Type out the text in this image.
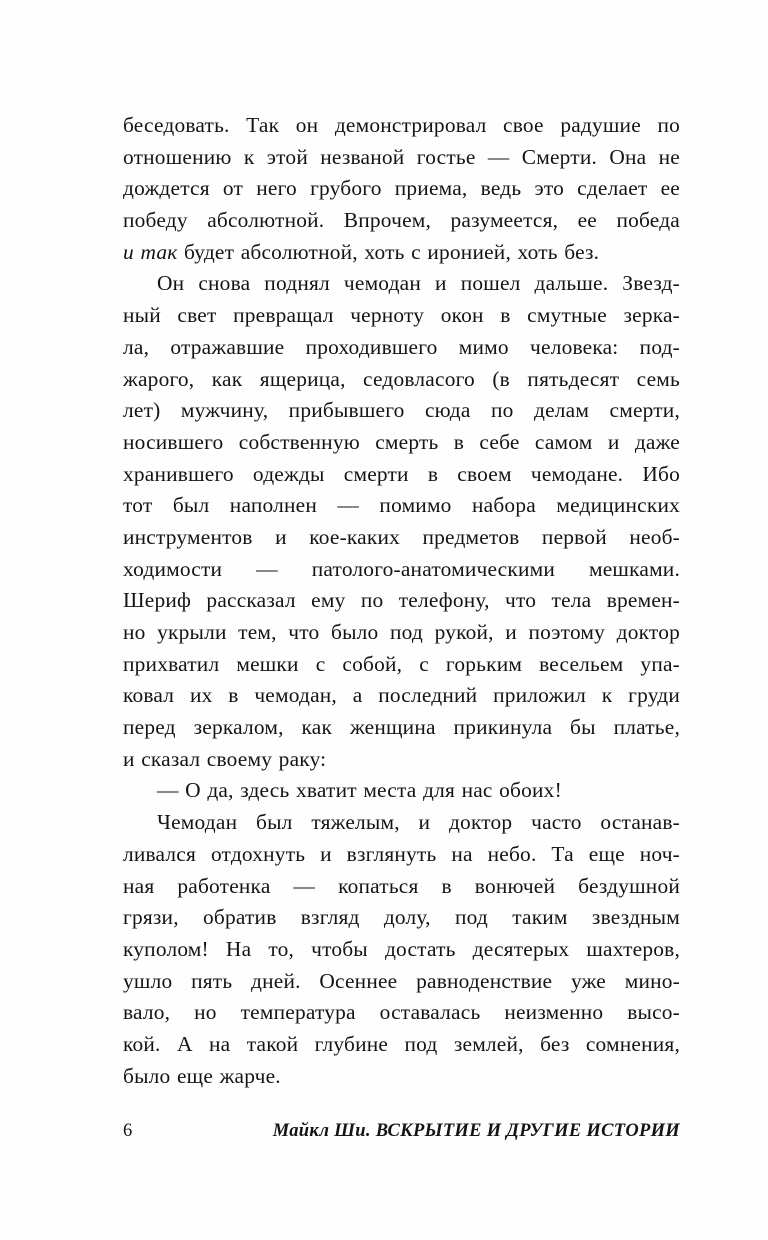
беседовать. Так он демонстрировал свое радушие по
отношению к этой незваной гостье — Смерти. Она не
дождется от него грубого приема, ведь это сделает ее
победу абсолютной. Впрочем, разумеется, ее победа
и так будет абсолютной, хоть с иронией, хоть без.
Он снова поднял чемодан и пошел дальше. Звезд-
ный свет превращал черноту окон в смутные зерка-
ла, отражавшие проходившего мимо человека: под-
жарого, как ящерица, седовласого (в пятьдесят семь
лет) мужчину, прибывшего сюда по делам смерти,
носившего собственную смерть в себе самом и даже
хранившего одежды смерти в своем чемодане. Ибо
тот был наполнен — помимо набора медицинских
инструментов и кое-каких предметов первой необ-
ходимости — патолого-анатомическими мешками.
Шериф рассказал ему по телефону, что тела времен-
но укрыли тем, что было под рукой, и поэтому доктор
прихватил мешки с собой, с горьким весельем упа-
ковал их в чемодан, а последний приложил к груди
перед зеркалом, как женщина прикинула бы платье,
и сказал своему раку:
— О да, здесь хватит места для нас обоих!
Чемодан был тяжелым, и доктор часто останав-
ливался отдохнуть и взглянуть на небо. Та еще ноч-
ная работенка — копаться в вонючей бездушной
грязи, обратив взгляд долу, под таким звездным
куполом! На то, чтобы достать десятерых шахтеров,
ушло пять дней. Осеннее равноденствие уже мино-
вало, но температура оставалась неизменно высо-
кой. А на такой глубине под землей, без сомнения,
было еще жарче.
6	Майкл Ши. ВСКРЫТИЕ И ДРУГИЕ ИСТОРИИ
